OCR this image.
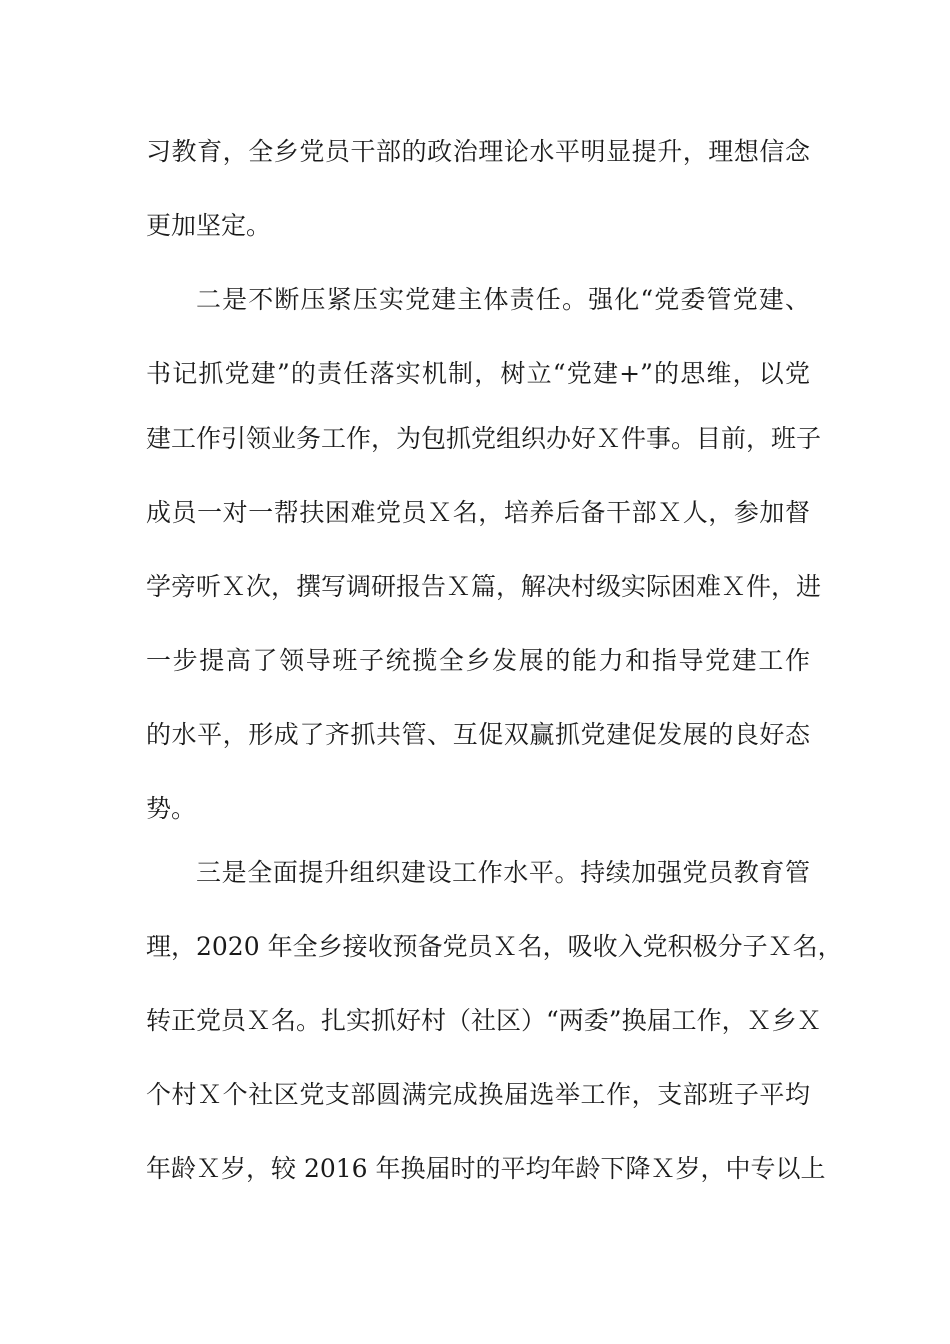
习教育，全乡党员干部的政治理论水平明显提升，理想信念
更加坚定。
二是不断压紧压实党建主体责任。强化“党委管党建、
书记抓党建”的责任落实机制，树立“党建+”的思维，以党
建工作引领业务工作，为包抓党组织办好Ｘ件事。目前，班子
成员一对一帮扶困难党员Ｘ名，培养后备干部Ｘ人，参加督
学旁听Ｘ次，撰写调研报告Ｘ篇，解决村级实际困难Ｘ件，进
一步提高了领导班子统揽全乡发展的能力和指导党建工作
的水平，形成了齐抓共管、互促双赢抓党建促发展的良好态
势。
三是全面提升组织建设工作水平。持续加强党员教育管
理，2020 年全乡接收预备党员Ｘ名，吸收入党积极分子Ｘ名，
转正党员Ｘ名。扎实抓好村（社区）“两委”换届工作，Ｘ乡Ｘ
个村Ｘ个社区党支部圆满完成换届选举工作，支部班子平均
年龄Ｘ岁，较 2016 年换届时的平均年龄下降Ｘ岁，中专以上
